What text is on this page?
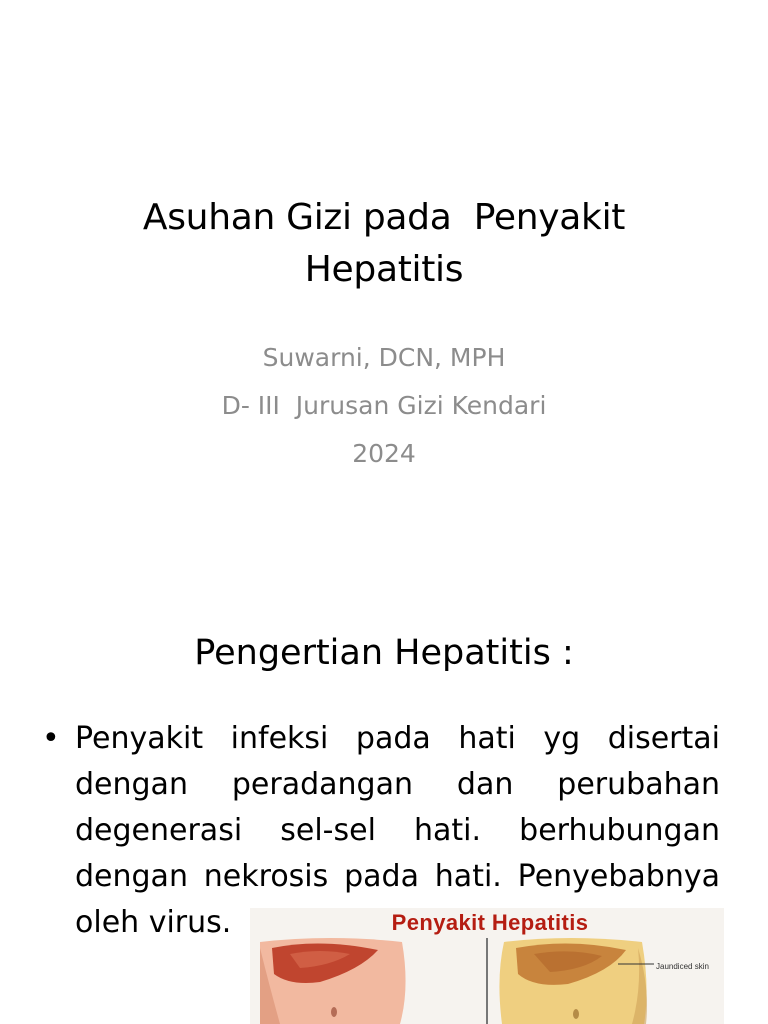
Asuhan Gizi pada  Penyakit
Hepatitis
Suwarni, DCN, MPH
D- III  Jurusan Gizi Kendari
2024
Pengertian Hepatitis :
• Penyakit infeksi pada hati yg disertai dengan peradangan dan perubahan degenerasi sel-sel hati. berhubungan dengan nekrosis pada hati. Penyebabnya oleh virus.	Penyakit Hepatitis
Jaundiced skin
